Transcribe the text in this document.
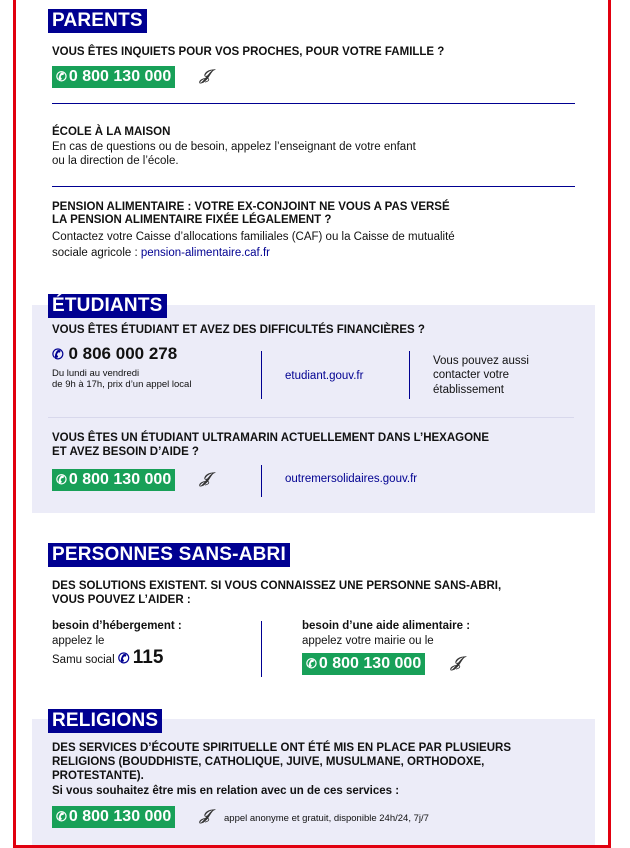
PARENTS
VOUS ÊTES INQUIETS POUR VOS PROCHES, POUR VOTRE FAMILLE ?
✆ 0 800 130 000 𝒥
ÉCOLE À LA MAISON
En cas de questions ou de besoin, appelez l’enseignant de votre enfant
ou la direction de l’école.
PENSION ALIMENTAIRE : VOTRE EX-CONJOINT NE VOUS A PAS VERSÉ
LA PENSION ALIMENTAIRE FIXÉE LÉGALEMENT ?
Contactez votre Caisse d’allocations familiales (CAF) ou la Caisse de mutualité
sociale agricole : pension-alimentaire.caf.fr
ÉTUDIANTS
VOUS ÊTES ÉTUDIANT ET AVEZ DES DIFFICULTÉS FINANCIÈRES ?
✆ 0 806 000 278
Du lundi au vendredi
de 9h à 17h, prix d’un appel local
etudiant.gouv.fr
Vous pouvez aussi
contacter votre
établissement
VOUS ÊTES UN ÉTUDIANT ULTRAMARIN ACTUELLEMENT DANS L’HEXAGONE
ET AVEZ BESOIN D’AIDE ?
✆ 0 800 130 000 𝒥	outremersolidaires.gouv.fr
PERSONNES SANS-ABRI
DES SOLUTIONS EXISTENT. SI VOUS CONNAISSEZ UNE PERSONNE SANS-ABRI,
VOUS POUVEZ L’AIDER :
besoin d’hébergement :
appelez le
Samu social ✆ 115
besoin d’une aide alimentaire :
appelez votre mairie ou le
✆ 0 800 130 000 𝒥
RELIGIONS
DES SERVICES D’ÉCOUTE SPIRITUELLE ONT ÉTÉ MIS EN PLACE PAR PLUSIEURS
RELIGIONS (BOUDDHISTE, CATHOLIQUE, JUIVE, MUSULMANE, ORTHODOXE,
PROTESTANTE).
Si vous souhaitez être mis en relation avec un de ces services :
✆ 0 800 130 000 𝒥 appel anonyme et gratuit, disponible 24h/24, 7j/7
